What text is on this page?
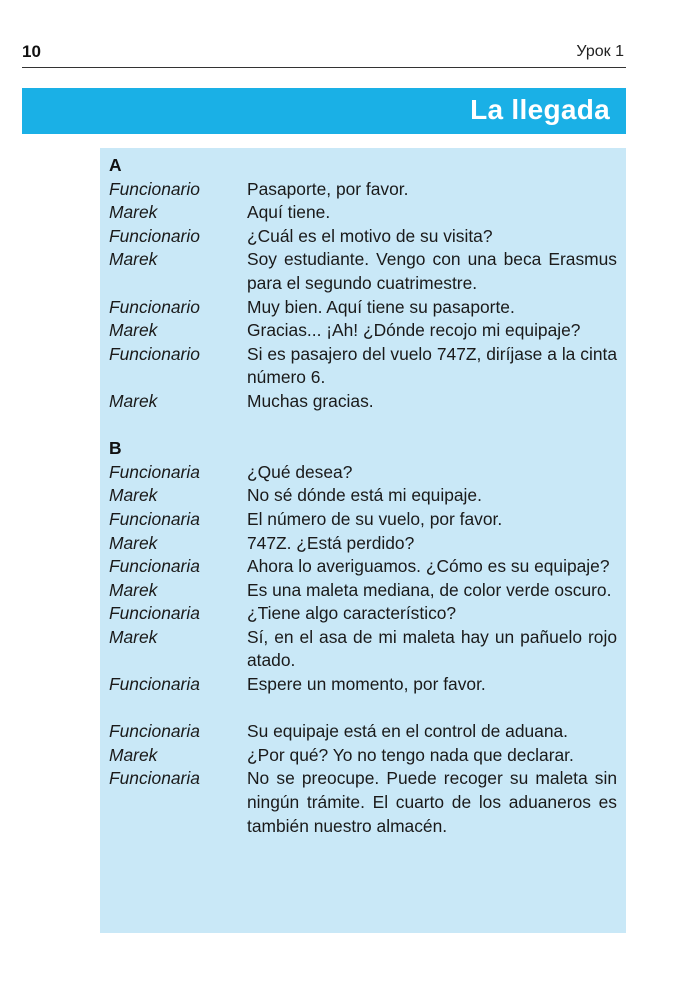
10	Урок 1
La llegada
A
Funcionario	Pasaporte, por favor.
Marek	Aquí tiene.
Funcionario	¿Cuál es el motivo de su visita?
Marek	Soy estudiante. Vengo con una beca Erasmus para el segundo cuatrimestre.
Funcionario	Muy bien. Aquí tiene su pasaporte.
Marek	Gracias... ¡Ah! ¿Dónde recojo mi equipaje?
Funcionario	Si es pasajero del vuelo 747Z, diríjase a la cinta número 6.
Marek	Muchas gracias.
B
Funcionaria	¿Qué desea?
Marek	No sé dónde está mi equipaje.
Funcionaria	El número de su vuelo, por favor.
Marek	747Z. ¿Está perdido?
Funcionaria	Ahora lo averiguamos. ¿Cómo es su equipaje?
Marek	Es una maleta mediana, de color verde oscuro.
Funcionaria	¿Tiene algo característico?
Marek	Sí, en el asa de mi maleta hay un pañuelo rojo atado.
Funcionaria	Espere un momento, por favor.
Funcionaria	Su equipaje está en el control de aduana.
Marek	¿Por qué? Yo no tengo nada que declarar.
Funcionaria	No se preocupe. Puede recoger su maleta sin ningún trámite. El cuarto de los aduaneros es también nuestro almacén.
